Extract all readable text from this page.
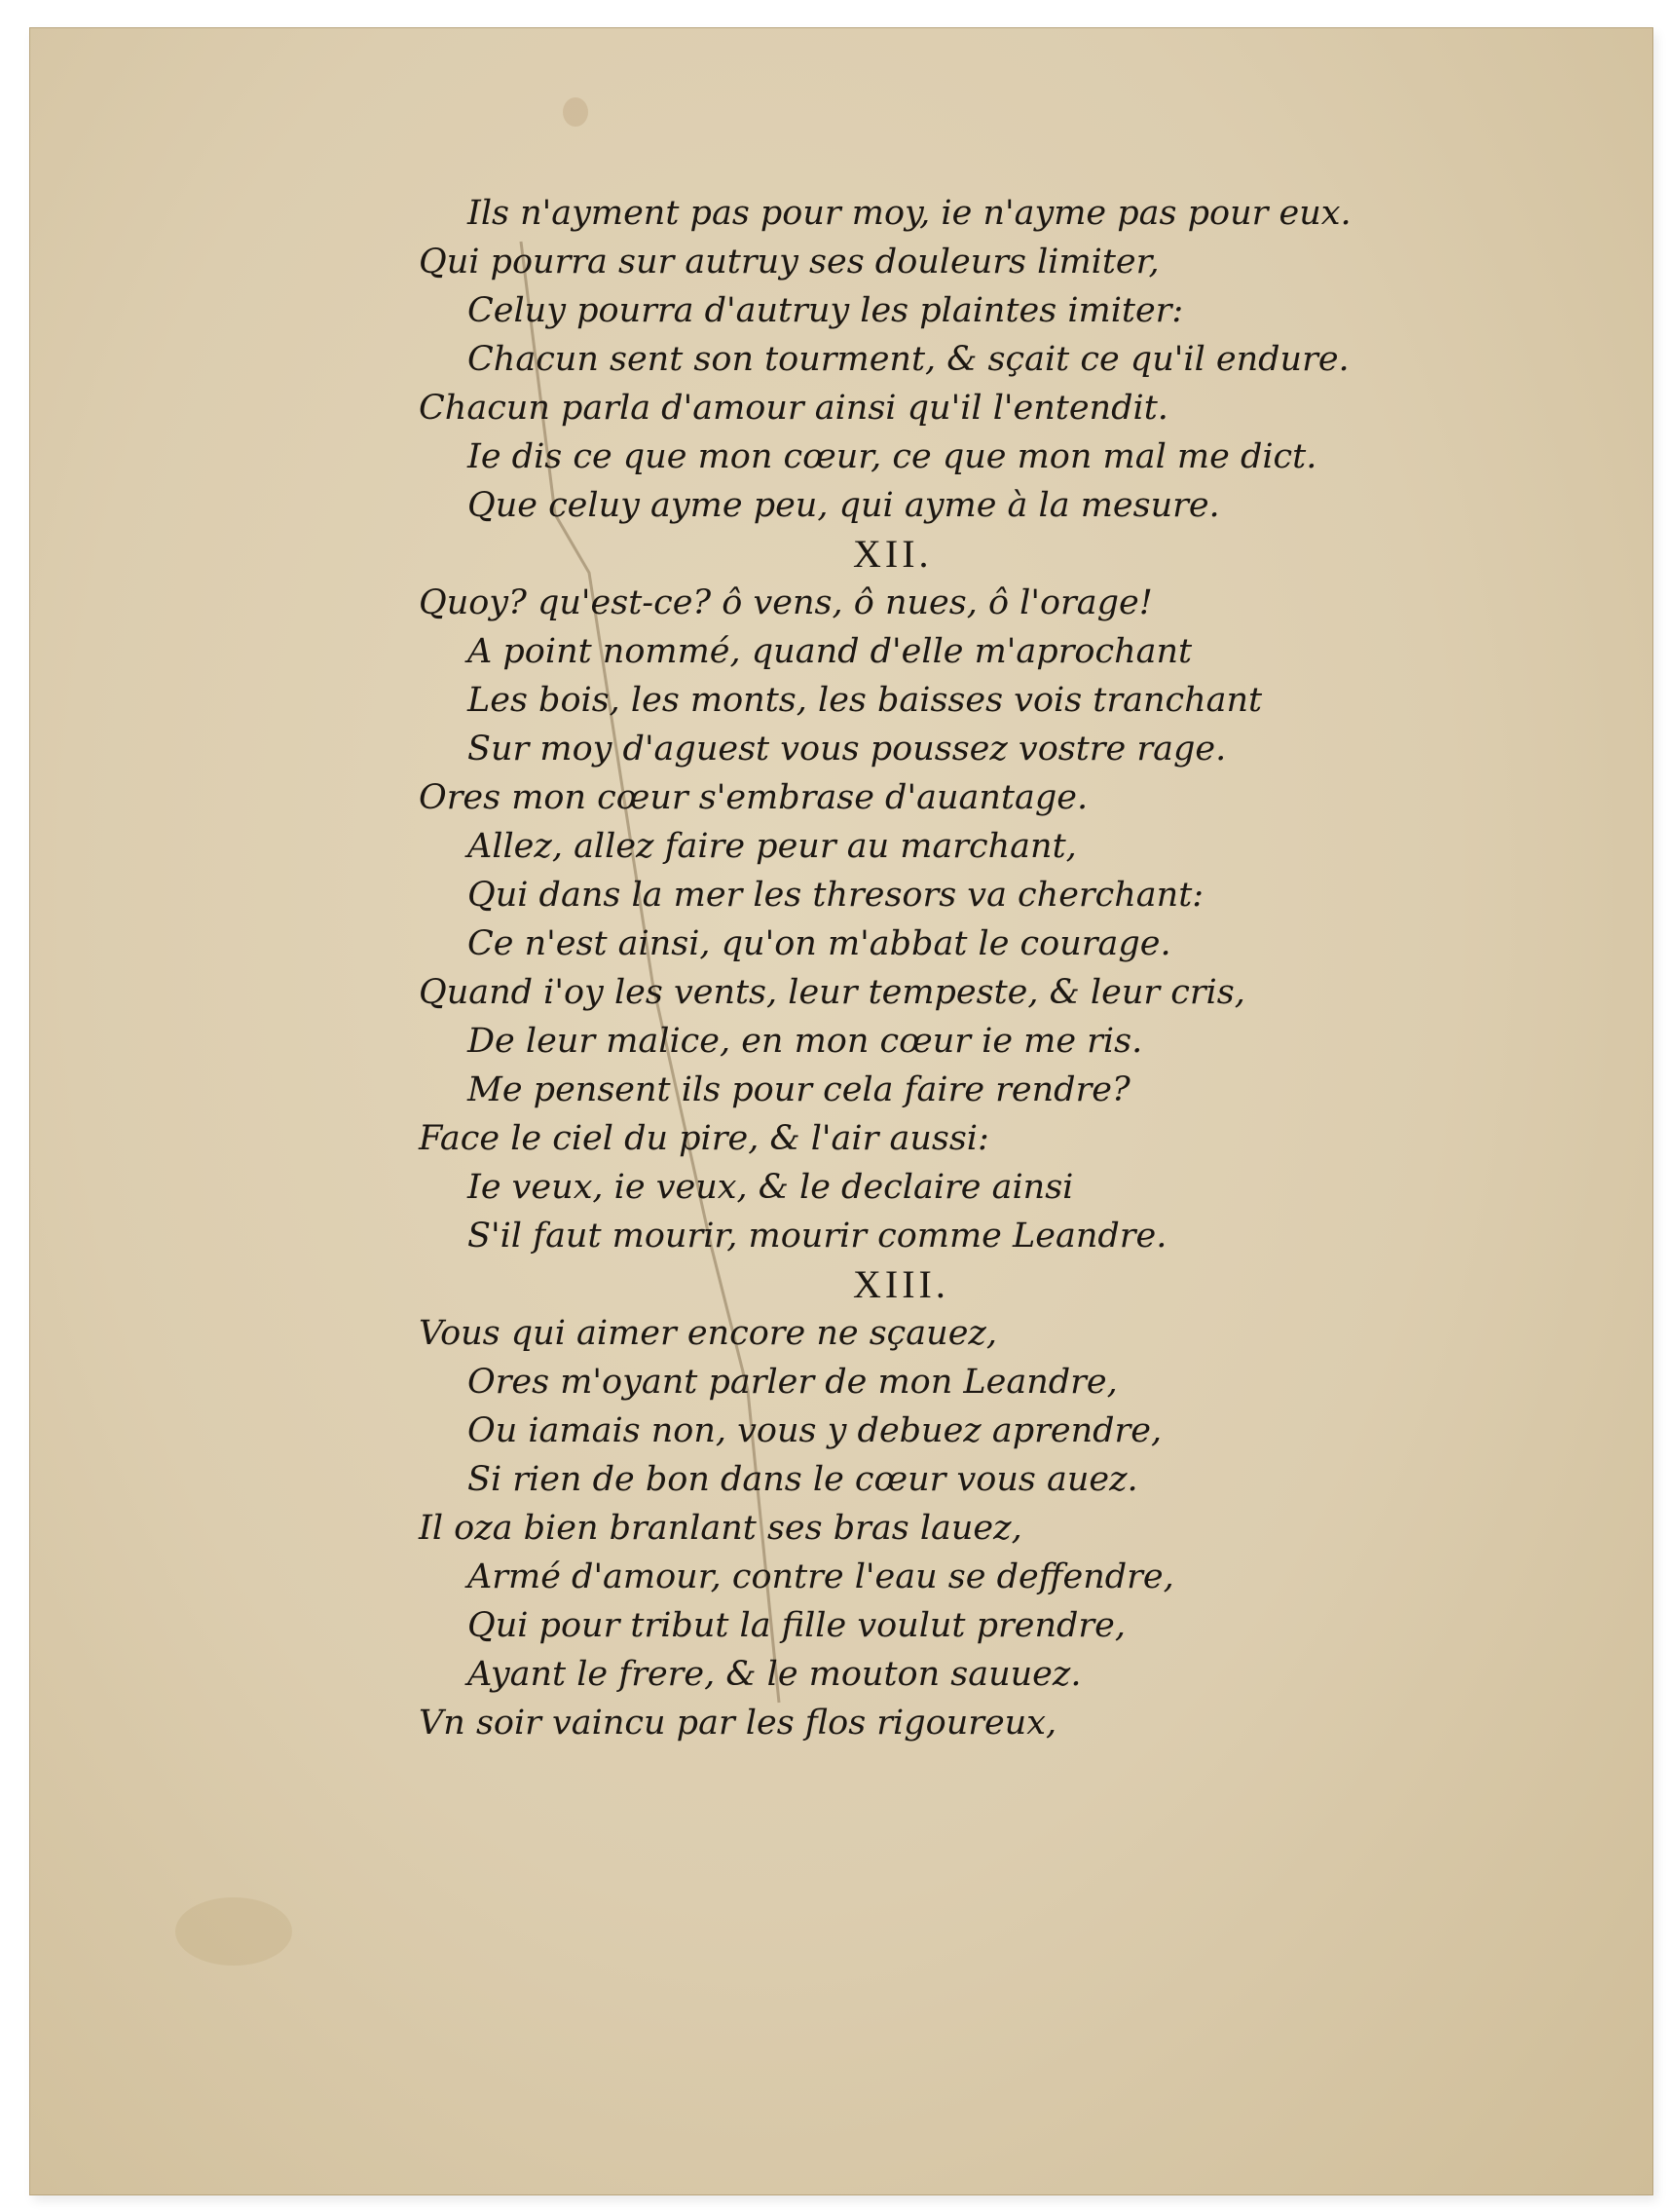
Ils n'ayment pas pour moy, ie n'ayme pas pour eux.
Qui pourra sur autruy ses douleurs limiter,
Celuy pourra d'autruy les plaintes imiter:
Chacun sent son tourment, & sçait ce qu'il endure.
Chacun parla d'amour ainsi qu'il l'entendit.
Ie dis ce que mon cœur, ce que mon mal me dict.
Que celuy ayme peu, qui ayme à la mesure.
XII.
Quoy? qu'est-ce? ô vens, ô nues, ô l'orage!
A point nommé, quand d'elle m'aprochant
Les bois, les monts, les baisses vois tranchant
Sur moy d'aguest vous poussez vostre rage.
Ores mon cœur s'embrase d'auantage.
Allez, allez faire peur au marchant,
Qui dans la mer les thresors va cherchant:
Ce n'est ainsi, qu'on m'abbat le courage.
Quand i'oy les vents, leur tempeste, & leur cris,
De leur malice, en mon cœur ie me ris.
Me pensent ils pour cela faire rendre?
Face le ciel du pire, & l'air aussi:
Ie veux, ie veux, & le declaire ainsi
S'il faut mourir, mourir comme Leandre.
XIII.
Vous qui aimer encore ne sçauez,
Ores m'oyant parler de mon Leandre,
Ou iamais non, vous y debuez aprendre,
Si rien de bon dans le cœur vous auez.
Il oza bien branlant ses bras lauez,
Armé d'amour, contre l'eau se deffendre,
Qui pour tribut la fille voulut prendre,
Ayant le frere, & le mouton sauuez.
Vn soir vaincu par les flos rigoureux,
